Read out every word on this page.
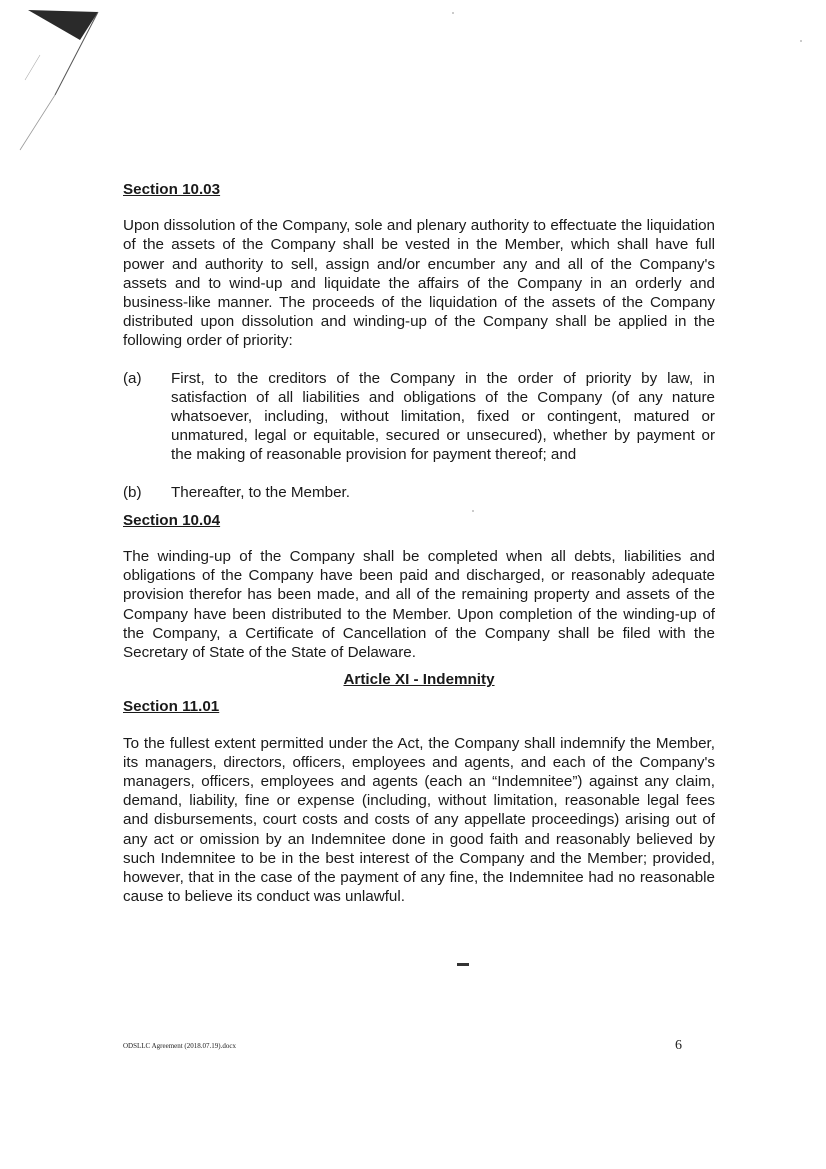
Section 10.03

Upon dissolution of the Company, sole and plenary authority to effectuate the liquidation of the assets of the Company shall be vested in the Member, which shall have full power and authority to sell, assign and/or encumber any and all of the Company's assets and to wind-up and liquidate the affairs of the Company in an orderly and business-like manner. The proceeds of the liquidation of the assets of the Company distributed upon dissolution and winding-up of the Company shall be applied in the following order of priority:

(a)	First, to the creditors of the Company in the order of priority by law, in satisfaction of all liabilities and obligations of the Company (of any nature whatsoever, including, without limitation, fixed or contingent, matured or unmatured, legal or equitable, secured or unsecured), whether by payment or the making of reasonable provision for payment thereof; and
(b)	Thereafter, to the Member.

Section 10.04

The winding-up of the Company shall be completed when all debts, liabilities and obligations of the Company have been paid and discharged, or reasonably adequate provision therefor has been made, and all of the remaining property and assets of the Company have been distributed to the Member. Upon completion of the winding-up of the Company, a Certificate of Cancellation of the Company shall be filed with the Secretary of State of the State of Delaware.

Article XI - Indemnity

Section 11.01

To the fullest extent permitted under the Act, the Company shall indemnify the Member, its managers, directors, officers, employees and agents, and each of the Company's managers, officers, employees and agents (each an “Indemnitee”) against any claim, demand, liability, fine or expense (including, without limitation, reasonable legal fees and disbursements, court costs and costs of any appellate proceedings) arising out of any act or omission by an Indemnitee done in good faith and reasonably believed by such Indemnitee to be in the best interest of the Company and the Member; provided, however, that in the case of the payment of any fine, the Indemnitee had no reasonable cause to believe its conduct was unlawful.

ODSLLC Agreement (2018.07.19).docx	6
